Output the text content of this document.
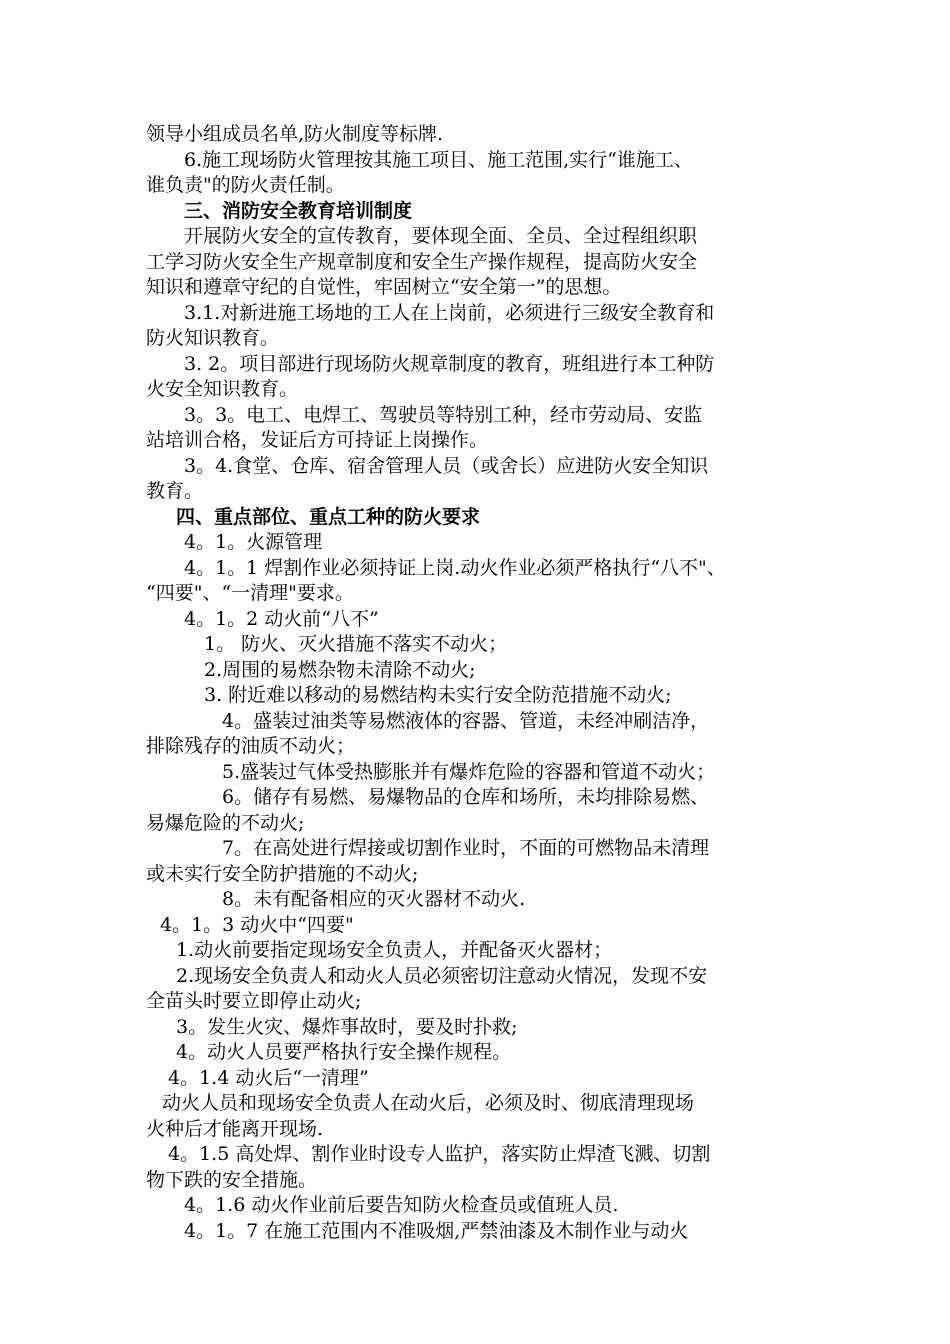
领导小组成员名单,防火制度等标牌.
6.施工现场防火管理按其施工项目、施工范围,实行“谁施工、
谁负责"的防火责任制。
三、消防安全教育培训制度
开展防火安全的宣传教育，要体现全面、全员、全过程组织职
工学习防火安全生产规章制度和安全生产操作规程，提高防火安全
知识和遵章守纪的自觉性，牢固树立“安全第一”的思想。
3.1.对新进施工场地的工人在上岗前，必须进行三级安全教育和
防火知识教育。
3. 2。项目部进行现场防火规章制度的教育，班组进行本工种防
火安全知识教育。
3。3。电工、电焊工、驾驶员等特别工种，经市劳动局、安监
站培训合格，发证后方可持证上岗操作。
3。4.食堂、仓库、宿舍管理人员（或舍长）应进防火安全知识
教育。
四、重点部位、重点工种的防火要求
4。1。火源管理
4。1。1 焊割作业必须持证上岗.动火作业必须严格执行“八不"、
“四要"、“一清理"要求。
4。1。2 动火前“八不”
1。 防火、灭火措施不落实不动火；
2.周围的易燃杂物未清除不动火;
3. 附近难以移动的易燃结构未实行安全防范措施不动火;
4。盛装过油类等易燃液体的容器、管道，未经冲刷洁净，
排除残存的油质不动火；
5.盛装过气体受热膨胀并有爆炸危险的容器和管道不动火；
6。储存有易燃、易爆物品的仓库和场所，未均排除易燃、
易爆危险的不动火;
7。在高处进行焊接或切割作业时，不面的可燃物品未清理
或未实行安全防护措施的不动火;
8。未有配备相应的灭火器材不动火.
4。1。3 动火中“四要"
1.动火前要指定现场安全负责人，并配备灭火器材；
2.现场安全负责人和动火人员必须密切注意动火情况，发现不安
全苗头时要立即停止动火;
3。发生火灾、爆炸事故时，要及时扑救;
4。动火人员要严格执行安全操作规程。
4。1.4 动火后“一清理”
动火人员和现场安全负责人在动火后，必须及时、彻底清理现场
火种后才能离开现场.
4。1.5 高处焊、割作业时设专人监护，落实防止焊渣飞溅、切割
物下跌的安全措施。
4。1.6 动火作业前后要告知防火检查员或值班人员.
4。1。7 在施工范围内不准吸烟,严禁油漆及木制作业与动火
